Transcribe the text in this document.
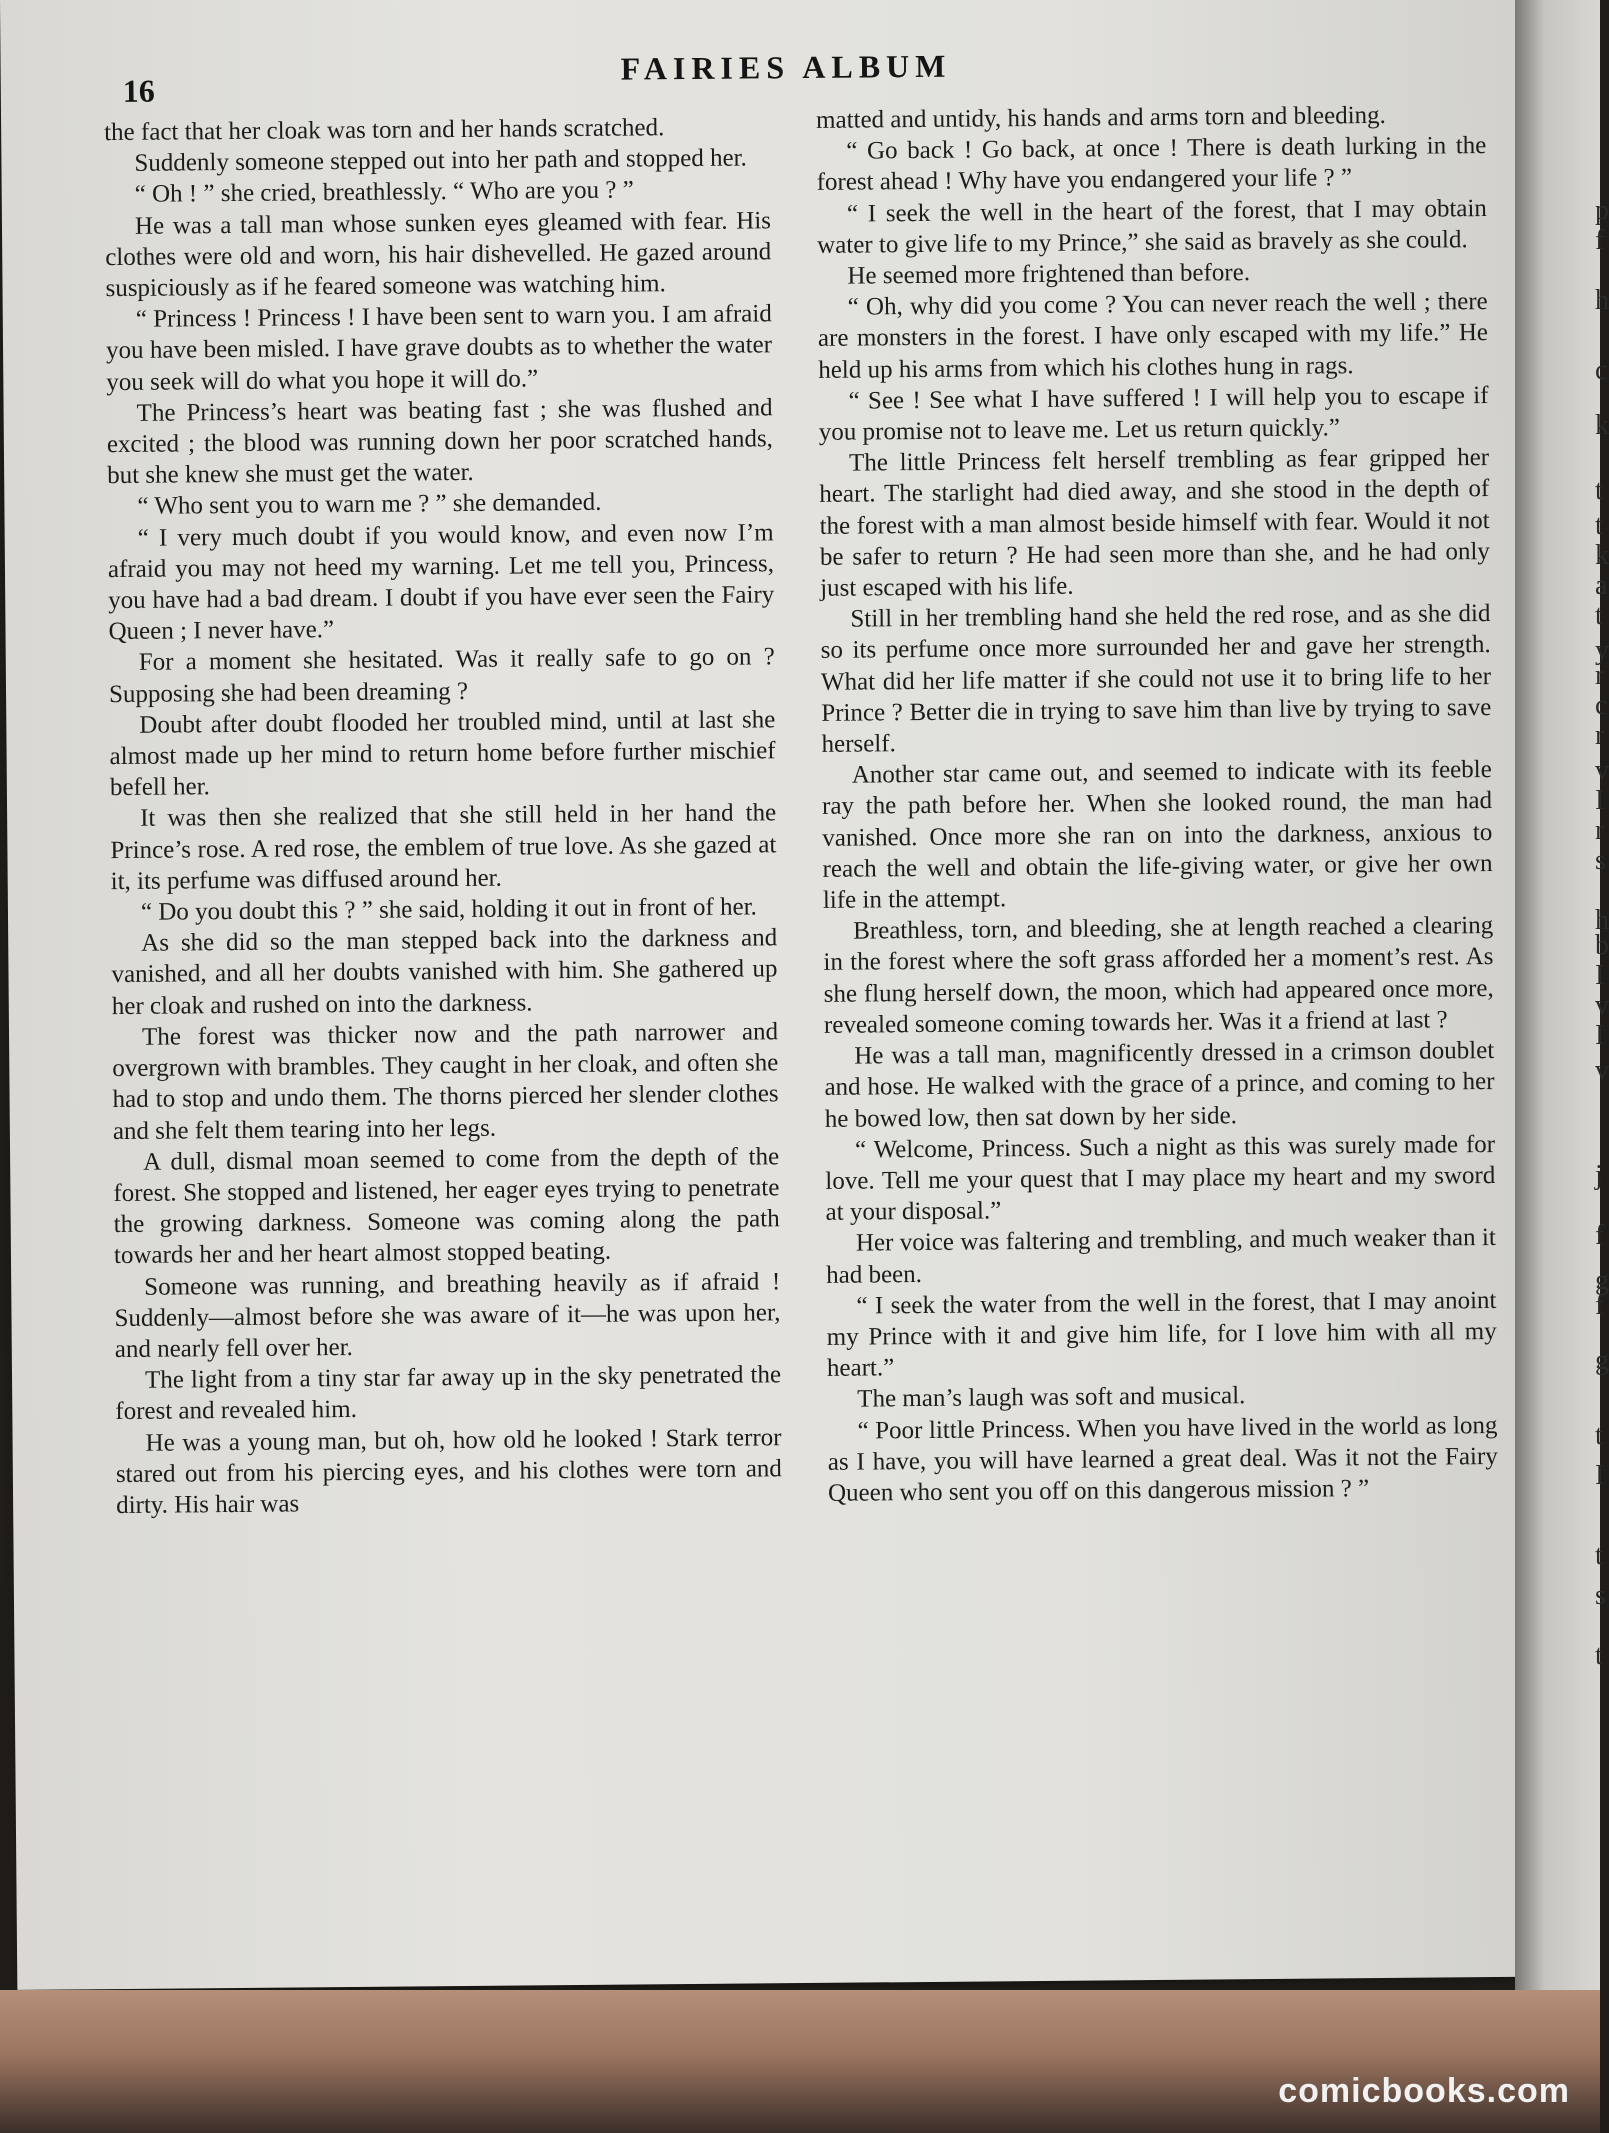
16
FAIRIES ALBUM

the fact that her cloak was torn and her hands scratched.

Suddenly someone stepped out into her path and stopped her.

“ Oh ! ” she cried, breathlessly. “ Who are you ? ”

He was a tall man whose sunken eyes gleamed with fear. His clothes were old and worn, his hair dishevelled. He gazed around suspiciously as if he feared someone was watching him.

“ Princess ! Princess ! I have been sent to warn you. I am afraid you have been misled. I have grave doubts as to whether the water you seek will do what you hope it will do.”

The Princess’s heart was beating fast ; she was flushed and excited ; the blood was running down her poor scratched hands, but she knew she must get the water.

“ Who sent you to warn me ? ” she demanded.

“ I very much doubt if you would know, and even now I’m afraid you may not heed my warning. Let me tell you, Princess, you have had a bad dream. I doubt if you have ever seen the Fairy Queen ; I never have.”

For a moment she hesitated. Was it really safe to go on ? Supposing she had been dreaming ?

Doubt after doubt flooded her troubled mind, until at last she almost made up her mind to return home before further mischief befell her.

It was then she realized that she still held in her hand the Prince’s rose. A red rose, the emblem of true love. As she gazed at it, its perfume was diffused around her.

“ Do you doubt this ? ” she said, holding it out in front of her.

As she did so the man stepped back into the darkness and vanished, and all her doubts vanished with him. She gathered up her cloak and rushed on into the darkness.

The forest was thicker now and the path narrower and overgrown with brambles. They caught in her cloak, and often she had to stop and undo them. The thorns pierced her slender clothes and she felt them tearing into her legs.

A dull, dismal moan seemed to come from the depth of the forest. She stopped and listened, her eager eyes trying to penetrate the growing darkness. Someone was coming along the path towards her and her heart almost stopped beating.

Someone was running, and breathing heavily as if afraid ! Suddenly—almost before she was aware of it—he was upon her, and nearly fell over her.

The light from a tiny star far away up in the sky penetrated the forest and revealed him.

He was a young man, but oh, how old he looked ! Stark terror stared out from his piercing eyes, and his clothes were torn and dirty. His hair was

matted and untidy, his hands and arms torn and bleeding.

“ Go back ! Go back, at once ! There is death lurking in the forest ahead ! Why have you endangered your life ? ”

“ I seek the well in the heart of the forest, that I may obtain water to give life to my Prince,” she said as bravely as she could.

He seemed more frightened than before.

“ Oh, why did you come ? You can never reach the well ; there are monsters in the forest. I have only escaped with my life.” He held up his arms from which his clothes hung in rags.

“ See ! See what I have suffered ! I will help you to escape if you promise not to leave me. Let us return quickly.”

The little Princess felt herself trembling as fear gripped her heart. The starlight had died away, and she stood in the depth of the forest with a man almost beside himself with fear. Would it not be safer to return ? He had seen more than she, and he had only just escaped with his life.

Still in her trembling hand she held the red rose, and as she did so its perfume once more surrounded her and gave her strength. What did her life matter if she could not use it to bring life to her Prince ? Better die in trying to save him than live by trying to save herself.

Another star came out, and seemed to indicate with its feeble ray the path before her. When she looked round, the man had vanished. Once more she ran on into the darkness, anxious to reach the well and obtain the life-giving water, or give her own life in the attempt.

Breathless, torn, and bleeding, she at length reached a clearing in the forest where the soft grass afforded her a moment’s rest. As she flung herself down, the moon, which had appeared once more, revealed someone coming towards her. Was it a friend at last ?

He was a tall man, magnificently dressed in a crimson doublet and hose. He walked with the grace of a prince, and coming to her he bowed low, then sat down by her side.

“ Welcome, Princess. Such a night as this was surely made for love. Tell me your quest that I may place my heart and my sword at your disposal.”

Her voice was faltering and trembling, and much weaker than it had been.

“ I seek the water from the well in the forest, that I may anoint my Prince with it and give him life, for I love him with all my heart.”

The man’s laugh was soft and musical.

“ Poor little Princess. When you have lived in the world as long as I have, you will have learned a great deal. Was it not the Fairy Queen who sent you off on this dangerous mission ? ”

p
f
h
c
k
t
t
k
a
t
y
r
c
r
v
I
r
s
h
b
I
v
I
v
j
f
g
f
g
t
I
t
s
t
comicbooks.com
